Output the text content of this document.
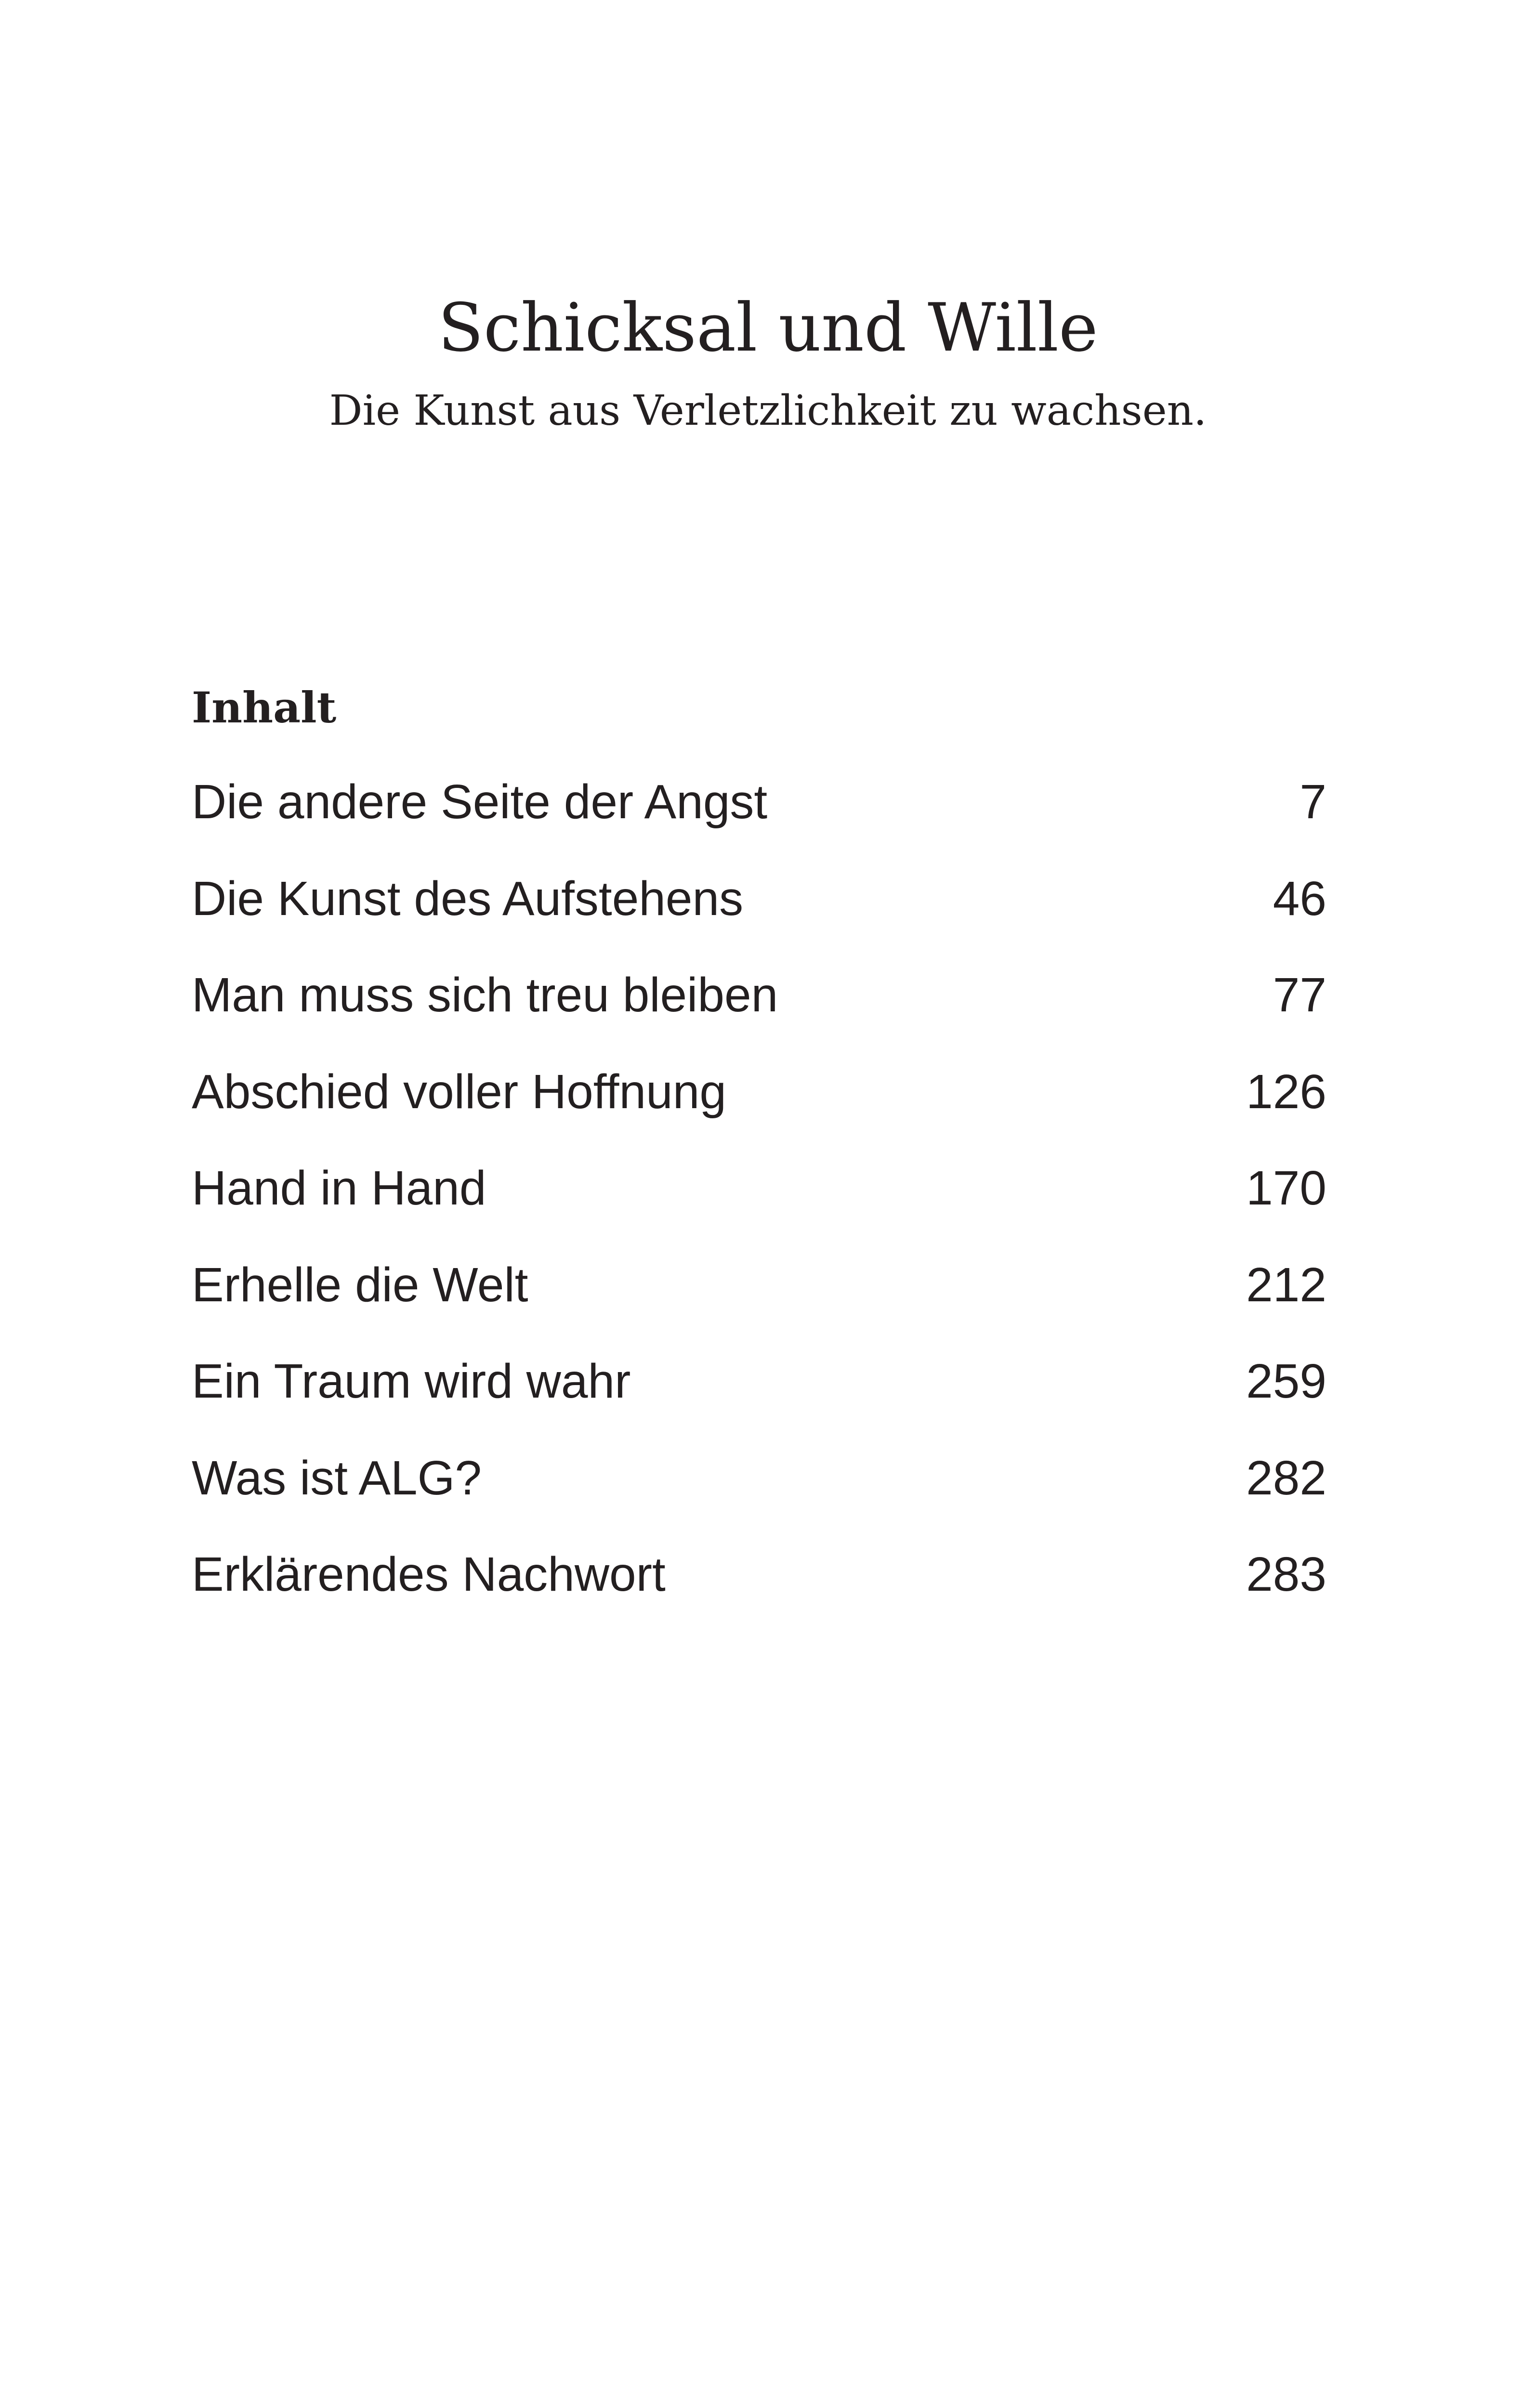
Schicksal und Wille
Die Kunst aus Verletzlichkeit zu wachsen.
Inhalt
Die andere Seite der Angst	7
Die Kunst des Aufstehens	46
Man muss sich treu bleiben	77
Abschied voller Hoffnung	126
Hand in Hand	170
Erhelle die Welt	212
Ein Traum wird wahr	259
Was ist ALG?	282
Erklärendes Nachwort	283
